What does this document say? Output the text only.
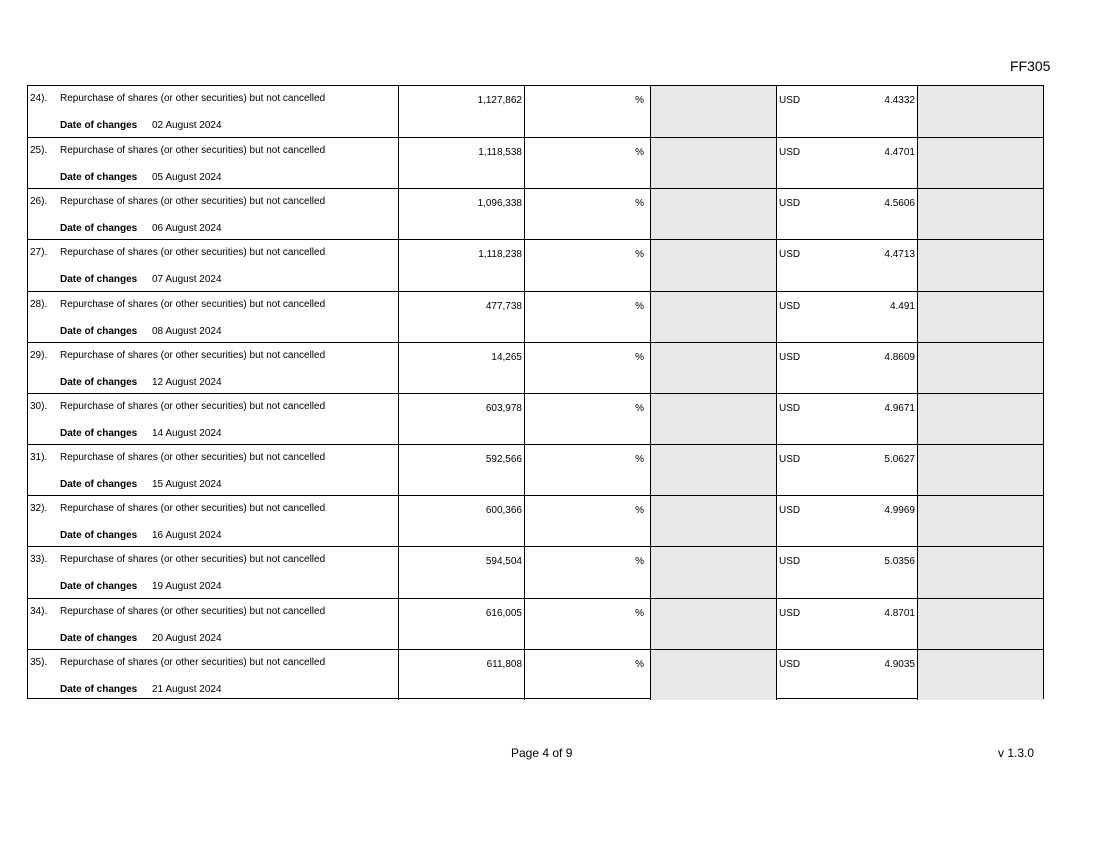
FF305
24). Repurchase of shares (or other securities) but not cancelled
Date of changes 02 August 2024
1,127,862	%	USD	4.4332
25). Repurchase of shares (or other securities) but not cancelled
Date of changes 05 August 2024
1,118,538	%	USD	4.4701
26). Repurchase of shares (or other securities) but not cancelled
Date of changes 06 August 2024
1,096,338	%	USD	4.5606
27). Repurchase of shares (or other securities) but not cancelled
Date of changes 07 August 2024
1,118,238	%	USD	4.4713
28). Repurchase of shares (or other securities) but not cancelled
Date of changes 08 August 2024
477,738	%	USD	4.491
29). Repurchase of shares (or other securities) but not cancelled
Date of changes 12 August 2024
14,265	%	USD	4.8609
30). Repurchase of shares (or other securities) but not cancelled
Date of changes 14 August 2024
603,978	%	USD	4.9671
31). Repurchase of shares (or other securities) but not cancelled
Date of changes 15 August 2024
592,566	%	USD	5.0627
32). Repurchase of shares (or other securities) but not cancelled
Date of changes 16 August 2024
600,366	%	USD	4.9969
33). Repurchase of shares (or other securities) but not cancelled
Date of changes 19 August 2024
594,504	%	USD	5.0356
34). Repurchase of shares (or other securities) but not cancelled
Date of changes 20 August 2024
616,005	%	USD	4.8701
35). Repurchase of shares (or other securities) but not cancelled
Date of changes 21 August 2024
611,808	%	USD	4.9035
Page 4 of 9	v 1.3.0
